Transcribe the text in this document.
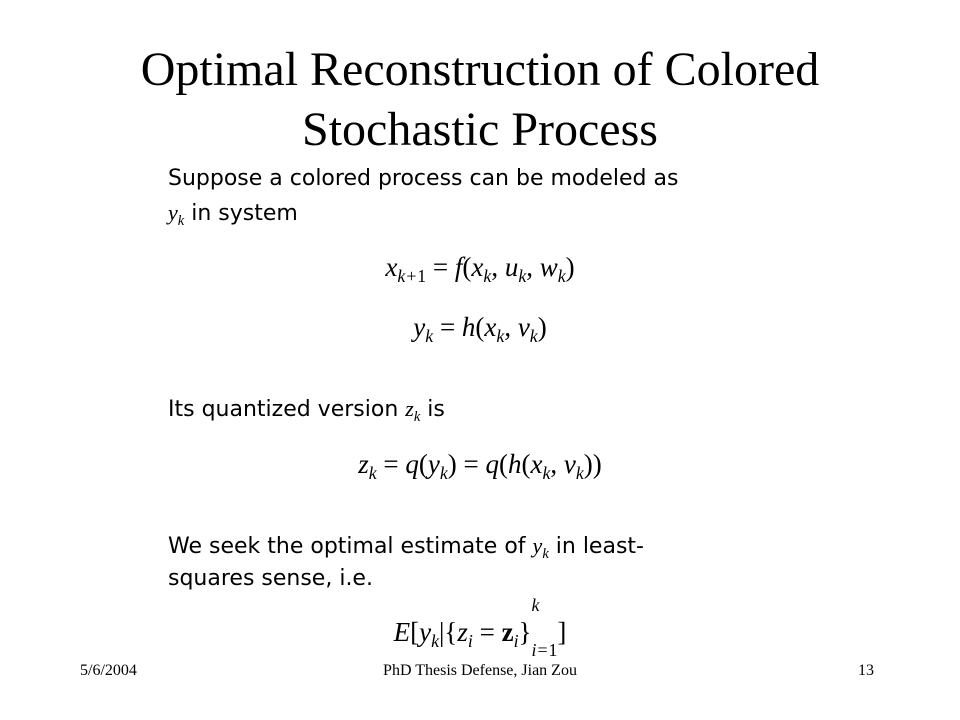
Optimal Reconstruction of Colored
Stochastic Process
Suppose a colored process can be modeled as
$y_k$ in system
$x_{k+1} = f(x_k$, $u_k$, $w_k$)
$y_k = h(x_k$, $v_k$)
Its quantized version $z_k$ is
$z_k = q(y_k) = q(h(x_k$, $v_k$))
We seek the optimal estimate of $y_k$ in least-
squares sense, i.e.
$E[y_k|\{z_i = z_i\}$
k
$_{i=1}$]
5/6/2004	PhD Thesis Defense, Jian Zou	13
